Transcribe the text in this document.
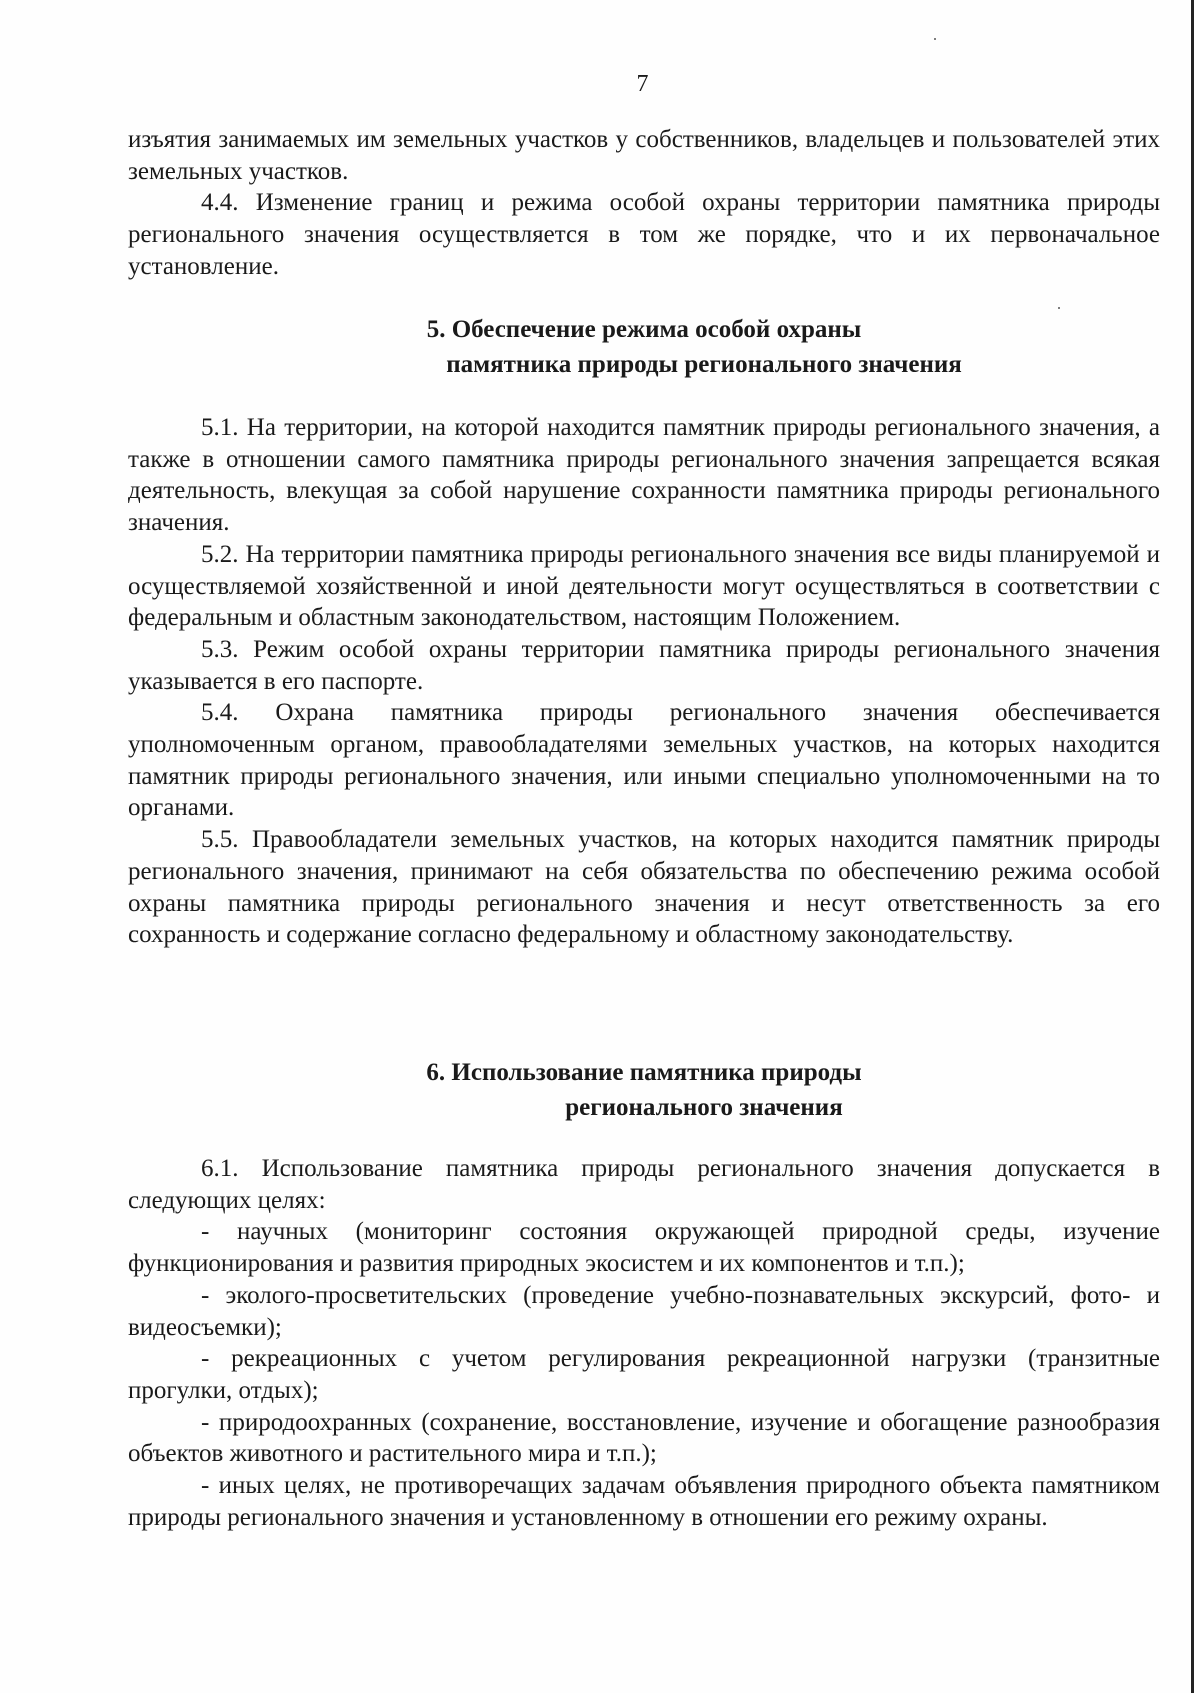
7

изъятия занимаемых им земельных участков у собственников, владельцев и пользователей этих земельных участков.

4.4. Изменение границ и режима особой охраны территории памятника природы регионального значения осуществляется в том же порядке, что и их первоначальное установление.

5. Обеспечение режима особой охраны
памятника природы регионального значения

5.1. На территории, на которой находится памятник природы регионального значения, а также в отношении самого памятника природы регионального значения запрещается всякая деятельность, влекущая за собой нарушение сохранности памятника природы регионального значения.

5.2. На территории памятника природы регионального значения все виды планируемой и осуществляемой хозяйственной и иной деятельности могут осуществляться в соответствии с федеральным и областным законодательством, настоящим Положением.

5.3. Режим особой охраны территории памятника природы регионального значения указывается в его паспорте.

5.4. Охрана памятника природы регионального значения обеспечивается уполномоченным органом, правообладателями земельных участков, на которых находится памятник природы регионального значения, или иными специально уполномоченными на то органами.

5.5. Правообладатели земельных участков, на которых находится памятник природы регионального значения, принимают на себя обязательства по обеспечению режима особой охраны памятника природы регионального значения и несут ответственность за его сохранность и содержание согласно федеральному и областному законодательству.

6. Использование памятника природы
регионального значения

6.1. Использование памятника природы регионального значения допускается в следующих целях:

- научных (мониторинг состояния окружающей природной среды, изучение функционирования и развития природных экосистем и их компонентов и т.п.);

- эколого-просветительских (проведение учебно-познавательных экскурсий, фото- и видеосъемки);

- рекреационных с учетом регулирования рекреационной нагрузки (транзитные прогулки, отдых);

- природоохранных (сохранение, восстановление, изучение и обогащение разнообразия объектов животного и растительного мира и т.п.);

- иных целях, не противоречащих задачам объявления природного объекта памятником природы регионального значения и установленному в отношении его режиму охраны.
